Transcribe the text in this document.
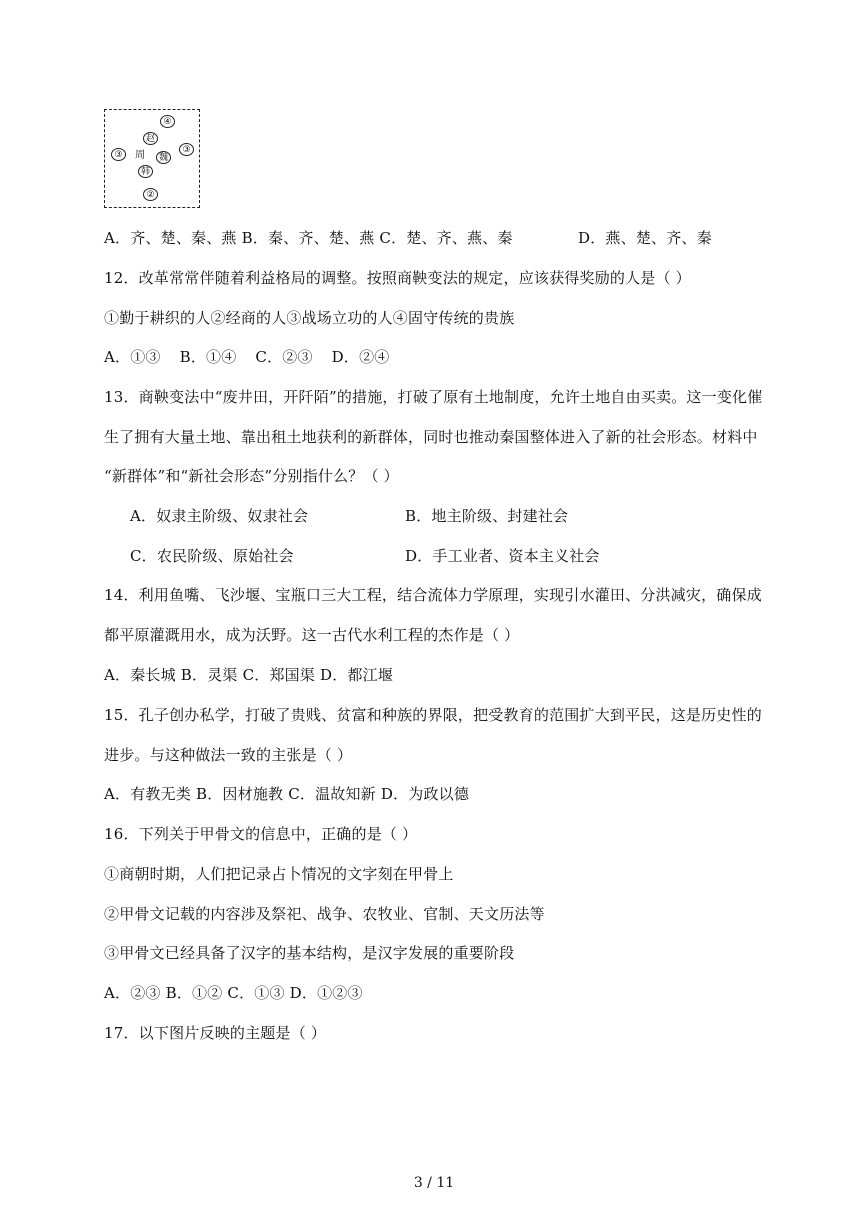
④
赵
③	周	魏
③
韩
②
A．齐、楚、秦、燕 B．秦、齐、楚、燕 C．楚、齐、燕、秦	D．燕、楚、齐、秦
12．改革常常伴随着利益格局的调整。按照商鞅变法的规定，应该获得奖励的人是（ ）
①勤于耕织的人②经商的人③战场立功的人④固守传统的贵族
A．①③ B．①④ C．②③ D．②④
13．商鞅变法中“废井田，开阡陌”的措施，打破了原有土地制度，允许土地自由买卖。这一变化催
生了拥有大量土地、靠出租土地获利的新群体，同时也推动秦国整体进入了新的社会形态。材料中
“新群体”和“新社会形态”分别指什么？（ ）
A．奴隶主阶级、奴隶社会	B．地主阶级、封建社会
C．农民阶级、原始社会	D．手工业者、资本主义社会
14．利用鱼嘴、飞沙堰、宝瓶口三大工程，结合流体力学原理，实现引水灌田、分洪减灾，确保成
都平原灌溉用水，成为沃野。这一古代水利工程的杰作是（ ）
A．秦长城 B．灵渠 C．郑国渠 D．都江堰
15．孔子创办私学，打破了贵贱、贫富和种族的界限，把受教育的范围扩大到平民，这是历史性的
进步。与这种做法一致的主张是（ ）
A．有教无类 B．因材施教 C．温故知新 D．为政以德
16．下列关于甲骨文的信息中，正确的是（ ）
①商朝时期，人们把记录占卜情况的文字刻在甲骨上
②甲骨文记载的内容涉及祭祀、战争、农牧业、官制、天文历法等
③甲骨文已经具备了汉字的基本结构，是汉字发展的重要阶段
A．②③ B．①② C．①③ D．①②③
17．以下图片反映的主题是（ ）
3 / 11
